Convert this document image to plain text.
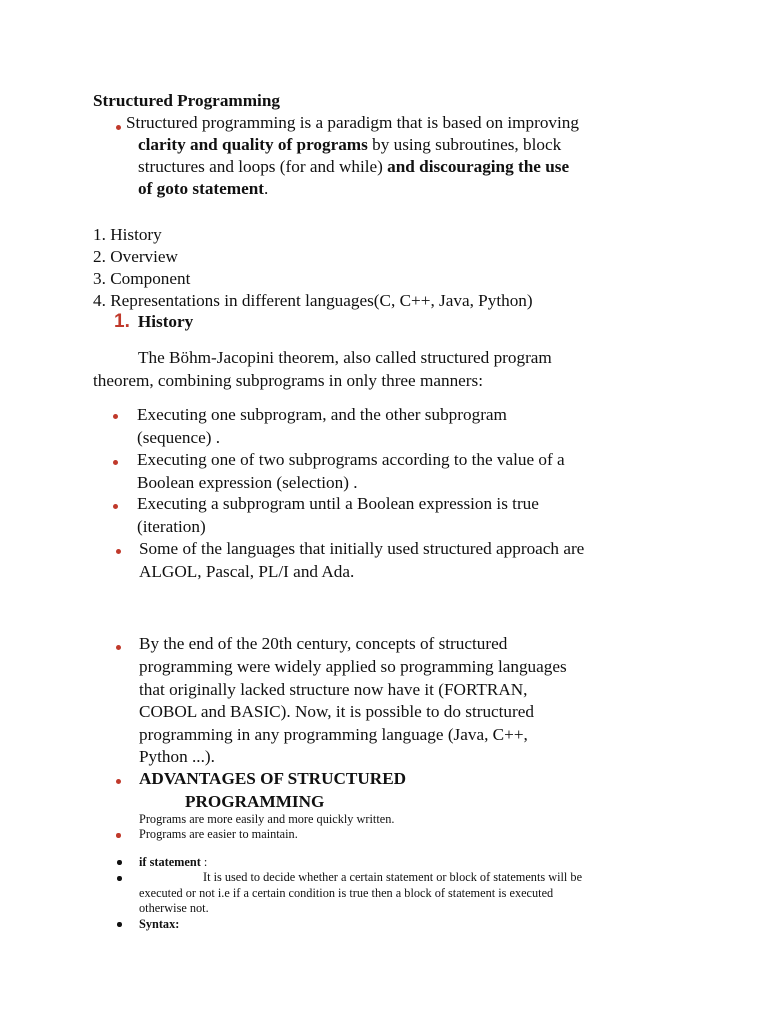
Structured Programming
Structured programming is a paradigm that is based on improving
clarity and quality of programs by using subroutines, block
structures and loops (for and while) and discouraging the use
of goto statement.
1. History
2. Overview
3. Component
4. Representations in different languages(C, C++, Java, Python)
1. History
The Böhm-Jacopini theorem, also called structured program
theorem, combining subprograms in only three manners:
Executing one subprogram, and the other subprogram
(sequence) .
Executing one of two subprograms according to the value of a
Boolean expression (selection) .
Executing a subprogram until a Boolean expression is true
(iteration)
Some of the languages that initially used structured approach are
ALGOL, Pascal, PL/I and Ada.
By the end of the 20th century, concepts of structured
programming were widely applied so programming languages
that originally lacked structure now have it (FORTRAN,
COBOL and BASIC). Now, it is possible to do structured
programming in any programming language (Java, C++,
Python ...).
ADVANTAGES OF STRUCTURED
PROGRAMMING
Programs are more easily and more quickly written.
Programs are easier to maintain.
if statement :
It is used to decide whether a certain statement or block of statements will be
executed or not i.e if a certain condition is true then a block of statement is executed
otherwise not.
Syntax:
